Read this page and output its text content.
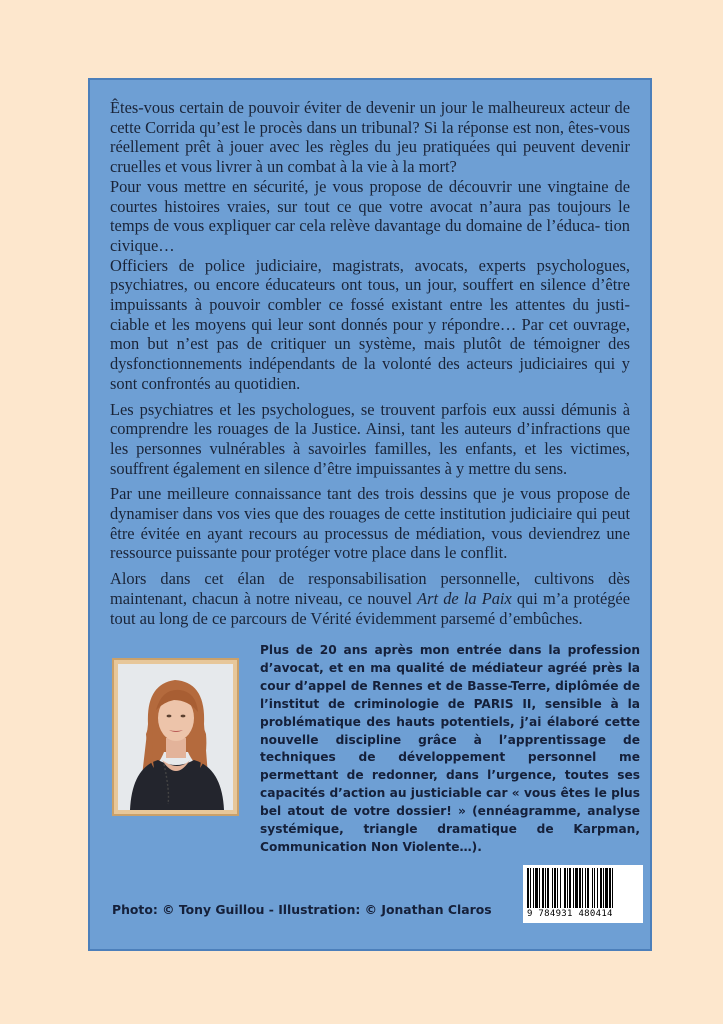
Êtes-vous certain de pouvoir éviter de devenir un jour le malheureux acteur de cette Corrida qu’est le procès dans un tribunal? Si la réponse est non, êtes-vous réellement prêt à jouer avec les règles du jeu pratiquées qui peuvent devenir cruelles et vous livrer à un combat à la vie à la mort?

Pour vous mettre en sécurité, je vous propose de découvrir une vingtaine de courtes histoires vraies, sur tout ce que votre avocat n’aura pas toujours le temps de vous expliquer car cela relève davantage du domaine de l’éduca- tion civique…

Officiers de police judiciaire, magistrats, avocats, experts psychologues, psychiatres, ou encore éducateurs ont tous, un jour, souffert en silence d’être impuissants à pouvoir combler ce fossé existant entre les attentes du justi- ciable et les moyens qui leur sont donnés pour y répondre… Par cet ouvrage, mon but n’est pas de critiquer un système, mais plutôt de témoigner des dysfonctionnements indépendants de la volonté des acteurs judiciaires qui y sont confrontés au quotidien.

Les psychiatres et les psychologues, se trouvent parfois eux aussi démunis à comprendre les rouages de la Justice. Ainsi, tant les auteurs d’infractions que les personnes vulnérables à savoirles familles, les enfants, et les victimes, souffrent également en silence d’être impuissantes à y mettre du sens.

Par une meilleure connaissance tant des trois dessins que je vous propose de dynamiser dans vos vies que des rouages de cette institution judiciaire qui peut être évitée en ayant recours au processus de médiation, vous deviendrez une ressource puissante pour protéger votre place dans le conflit.

Alors dans cet élan de responsabilisation personnelle, cultivons dès maintenant, chacun à notre niveau, ce nouvel Art de la Paix qui m’a protégée tout au long de ce parcours de Vérité évidemment parsemé d’embûches.

Plus de 20 ans après mon entrée dans la profession d’avocat, et en ma qualité de médiateur agréé près la cour d’appel de Rennes et de Basse-Terre, diplômée de l’institut de criminologie de PARIS II, sensible à la problématique des hauts potentiels, j’ai élaboré cette nouvelle discipline grâce à l’apprentissage de techniques de développement personnel me permettant de redonner, dans l’urgence, toutes ses capacités d’action au justiciable car « vous êtes le plus bel atout de votre dossier! » (ennéagramme, analyse systémique, triangle dramatique de Karpman, Communication Non Violente…).
9 784931 480414
Photo: © Tony Guillou - Illustration: © Jonathan Claros
